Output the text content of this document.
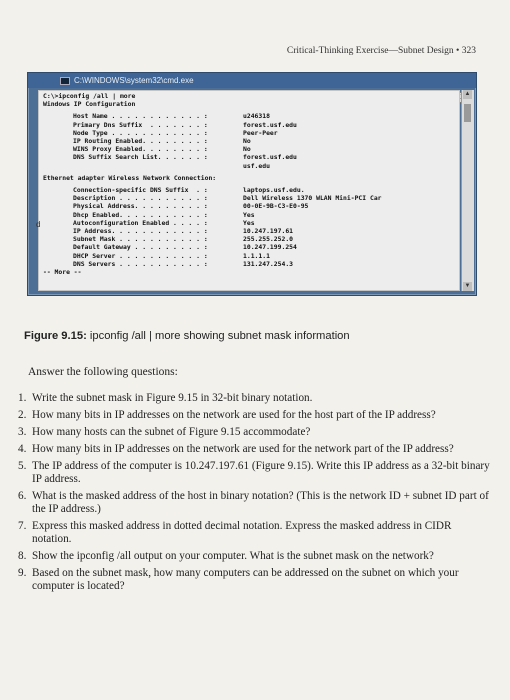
Critical-Thinking Exercise—Subnet Design • 323
C:\WINDOWS\system32\cmd.exe
C:\>ipconfig /all | more
Windows IP Configuration
Host Name . . . . . . . . . . . . :	u246318
Primary Dns Suffix  . . . . . . . :	forest.usf.edu
Node Type . . . . . . . . . . . . :	Peer-Peer
IP Routing Enabled. . . . . . . . :	No
WINS Proxy Enabled. . . . . . . . :	No
DNS Suffix Search List. . . . . . :	forest.usf.edu
usf.edu
Ethernet adapter Wireless Network Connection:
Connection-specific DNS Suffix  . :	laptops.usf.edu.
Description . . . . . . . . . . . :	Dell Wireless 1370 WLAN Mini-PCI Car
Physical Address. . . . . . . . . :	00-0E-9B-C3-E0-95
Dhcp Enabled. . . . . . . . . . . :	Yes
Autoconfiguration Enabled . . . . :	Yes
IP Address. . . . . . . . . . . . :	10.247.197.61
Subnet Mask . . . . . . . . . . . :	255.255.252.0
Default Gateway . . . . . . . . . :	10.247.199.254
DHCP Server . . . . . . . . . . . :	1.1.1.1
DNS Servers . . . . . . . . . . . :	131.247.254.3
-- More --
▲
▼
d
Figure 9.15: ipconfig /all | more showing subnet mask information
Answer the following questions:
1. Write the subnet mask in Figure 9.15 in 32-bit binary notation.
2. How many bits in IP addresses on the network are used for the host part of the IP address?
3. How many hosts can the subnet of Figure 9.15 accommodate?
4. How many bits in IP addresses on the network are used for the network part of the IP address?
5. The IP address of the computer is 10.247.197.61 (Figure 9.15). Write this IP address as a 32-bit binary IP address.
6. What is the masked address of the host in binary notation? (This is the network ID + subnet ID part of the IP address.)
7. Express this masked address in dotted decimal notation. Express the masked address in CIDR notation.
8. Show the ipconfig /all output on your computer. What is the subnet mask on the network?
9. Based on the subnet mask, how many computers can be addressed on the subnet on which your computer is located?
